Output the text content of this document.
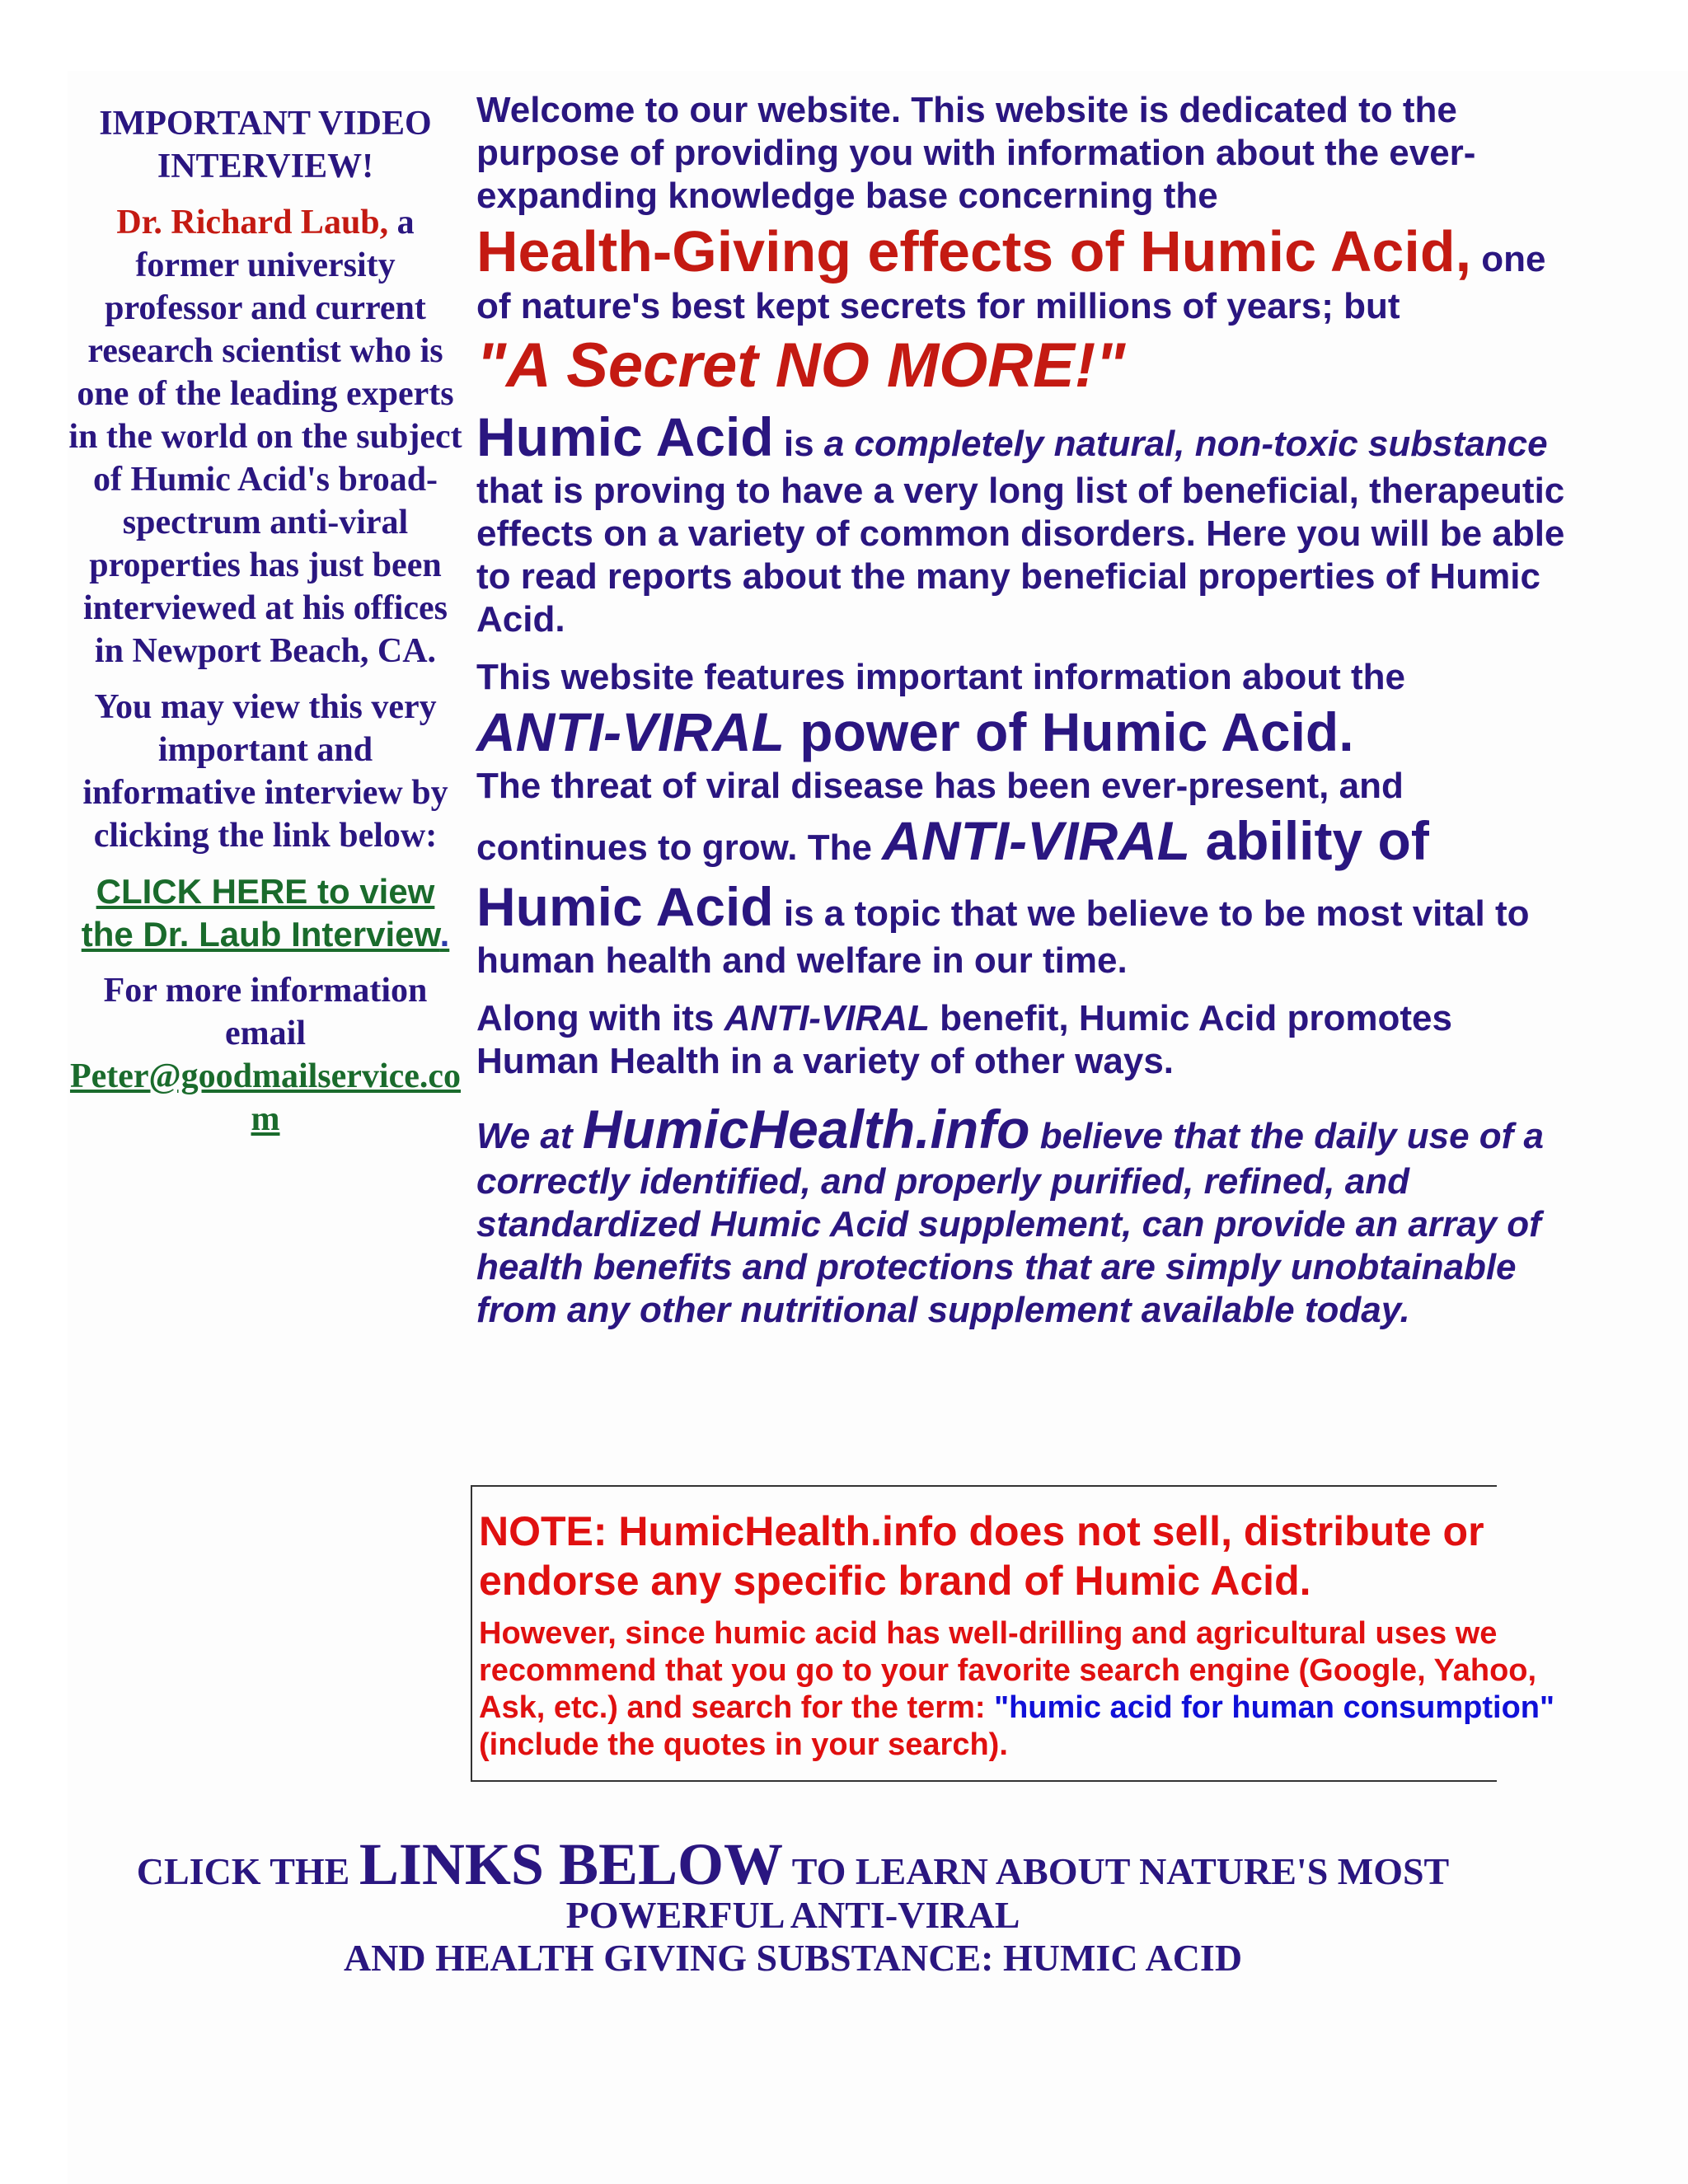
IMPORTANT VIDEO INTERVIEW!

Dr. Richard Laub, a former university professor and current research scientist who is one of the leading experts in the world on the subject of Humic Acid's broad-spectrum anti-viral properties has just been interviewed at his offices in Newport Beach, CA.

You may view this very important and informative interview by clicking the link below:

CLICK HERE to view the Dr. Laub Interview.

For more information email
Peter@goodmailservice.com

Welcome to our website. This website is dedicated to the purpose of providing you with information about the ever-expanding knowledge base concerning the
Health-Giving effects of Humic Acid, one of nature's best kept secrets for millions of years; but

"A Secret NO MORE!"

Humic Acid is a completely natural, non-toxic substance that is proving to have a very long list of beneficial, therapeutic effects on a variety of common disorders. Here you will be able to read reports about the many beneficial properties of Humic Acid.

This website features important information about the
ANTI-VIRAL power of Humic Acid.
The threat of viral disease has been ever-present, and continues to grow. The ANTI-VIRAL ability of Humic Acid is a topic that we believe to be most vital to human health and welfare in our time.

Along with its ANTI-VIRAL benefit, Humic Acid promotes Human Health in a variety of other ways.

We at HumicHealth.info believe that the daily use of a correctly identified, and properly purified, refined, and standardized Humic Acid supplement, can provide an array of health benefits and protections that are simply unobtainable from any other nutritional supplement available today.

NOTE: HumicHealth.info does not sell, distribute or endorse any specific brand of Humic Acid.

However, since humic acid has well-drilling and agricultural uses we recommend that you go to your favorite search engine (Google, Yahoo, Ask, etc.) and search for the term: "humic acid for human consumption" (include the quotes in your search).

CLICK THE LINKS BELOW TO LEARN ABOUT NATURE'S MOST POWERFUL ANTI-VIRAL

AND HEALTH GIVING SUBSTANCE: HUMIC ACID
